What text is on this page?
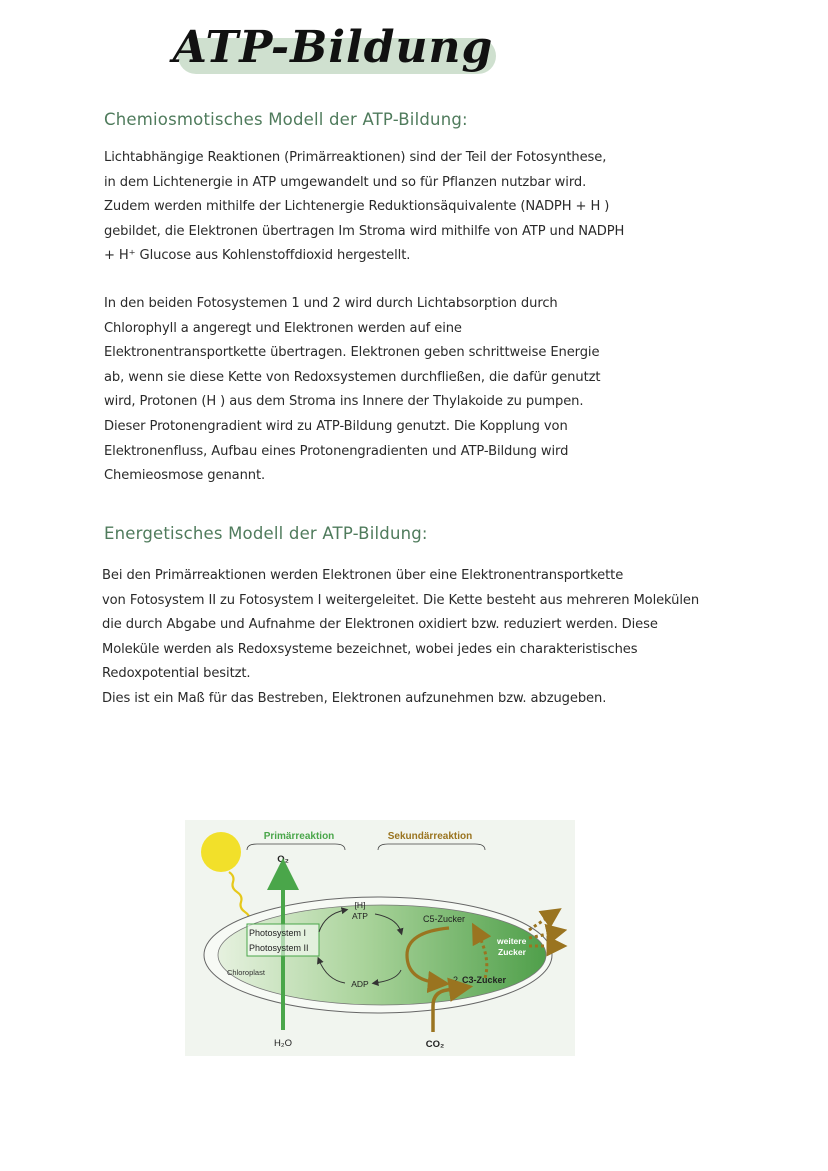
ATP-Bildung
Chemiosmotisches Modell der ATP-Bildung:
Lichtabhängige Reaktionen (Primärreaktionen) sind der Teil der Fotosynthese,
in dem Lichtenergie in ATP umgewandelt und so für Pflanzen nutzbar wird.
Zudem werden mithilfe der Lichtenergie Reduktionsäquivalente (NADPH + H )
gebildet, die Elektronen übertragen Im Stroma wird mithilfe von ATP und NADPH
+ H⁺ Glucose aus Kohlenstoffdioxid hergestellt.
In den beiden Fotosystemen 1 und 2 wird durch Lichtabsorption durch
Chlorophyll a angeregt und Elektronen werden auf eine
Elektronentransportkette übertragen. Elektronen geben schrittweise Energie
ab, wenn sie diese Kette von Redoxsystemen durchfließen, die dafür genutzt
wird, Protonen (H ) aus dem Stroma ins Innere der Thylakoide zu pumpen.
Dieser Protonengradient wird zu ATP-Bildung genutzt. Die Kopplung von
Elektronenfluss, Aufbau eines Protonengradienten und ATP-Bildung wird
Chemieosmose genannt.
Energetisches Modell der ATP-Bildung:
Bei den Primärreaktionen werden Elektronen über eine Elektronentransportkette
von Fotosystem II zu Fotosystem I weitergeleitet. Die Kette besteht aus mehreren Molekülen
die durch Abgabe und Aufnahme der Elektronen oxidiert bzw. reduziert werden. Diese
Moleküle werden als Redoxsysteme bezeichnet, wobei jedes ein charakteristisches
Redoxpotential besitzt.
Dies ist ein Maß für das Bestreben, Elektronen aufzunehmen bzw. abzugeben.
Primärreaktion	Sekundärreaktion
O₂
H₂O
Photosystem I
Photosystem II
Chloroplast
[H]
ATP
ADP
C5-Zucker
2 C3-Zucker
weitere
Zucker
CO₂
